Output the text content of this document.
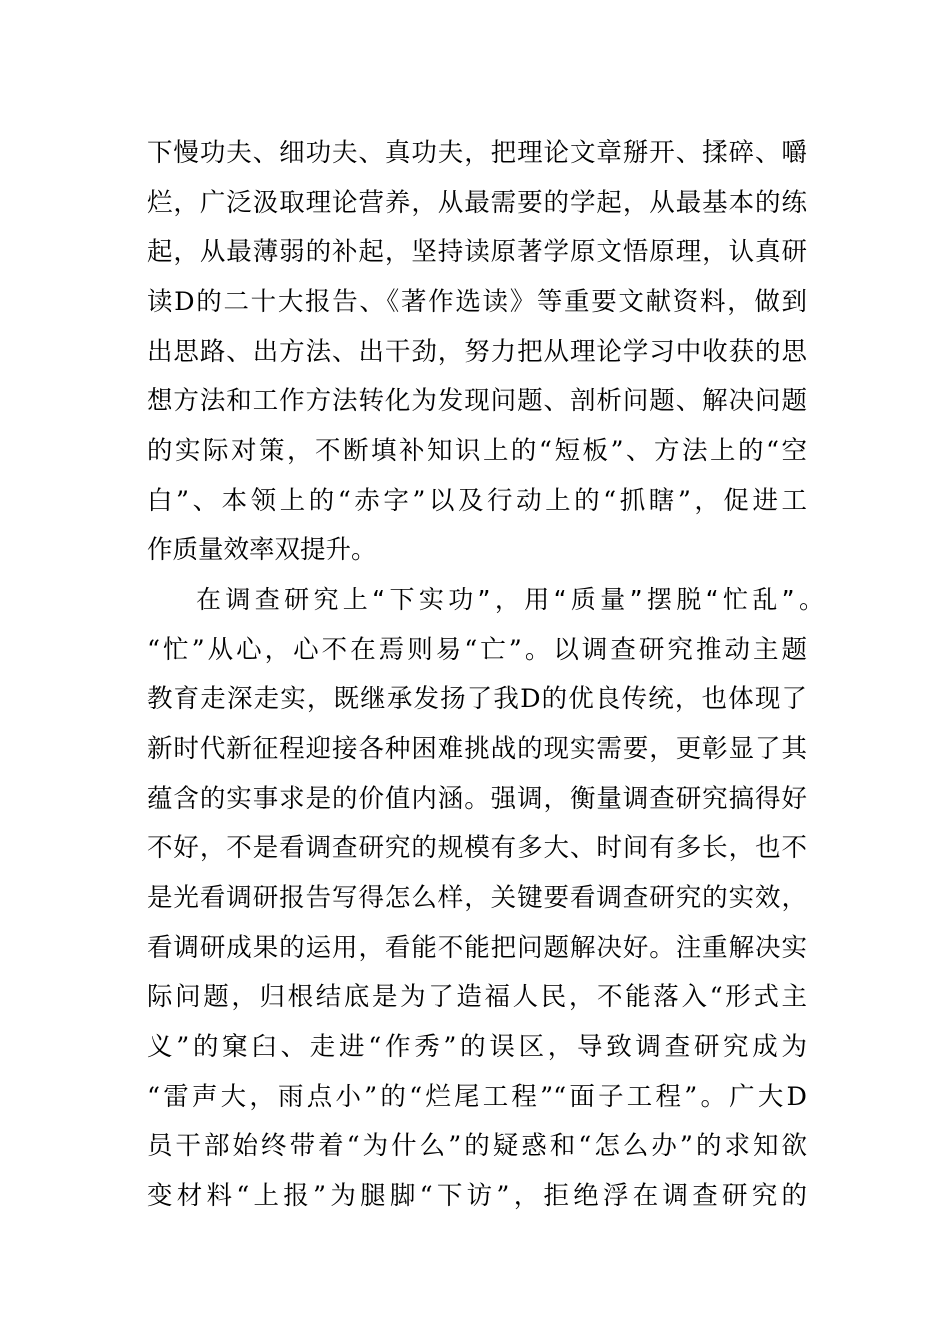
下慢功夫、细功夫、真功夫，把理论文章掰开、揉碎、嚼
烂，广泛汲取理论营养，从最需要的学起，从最基本的练
起，从最薄弱的补起，坚持读原著学原文悟原理，认真研
读D的二十大报告、《著作选读》等重要文献资料，做到
出思路、出方法、出干劲，努力把从理论学习中收获的思
想方法和工作方法转化为发现问题、剖析问题、解决问题
的实际对策，不断填补知识上的“短板”、方法上的“空
白”、本领上的“赤字”以及行动上的“抓瞎”，促进工
作质量效率双提升。
在调查研究上“下实功”，用“质量”摆脱“忙乱”。
“忙”从心，心不在焉则易“亡”。以调查研究推动主题
教育走深走实，既继承发扬了我D的优良传统，也体现了
新时代新征程迎接各种困难挑战的现实需要，更彰显了其
蕴含的实事求是的价值内涵。强调，衡量调查研究搞得好
不好，不是看调查研究的规模有多大、时间有多长，也不
是光看调研报告写得怎么样，关键要看调查研究的实效，
看调研成果的运用，看能不能把问题解决好。注重解决实
际问题，归根结底是为了造福人民，不能落入“形式主
义”的窠臼、走进“作秀”的误区，导致调查研究成为
“雷声大，雨点小”的“烂尾工程”“面子工程”。广大D
员干部始终带着“为什么”的疑惑和“怎么办”的求知欲
变材料“上报”为腿脚“下访”，拒绝浮在调查研究的
